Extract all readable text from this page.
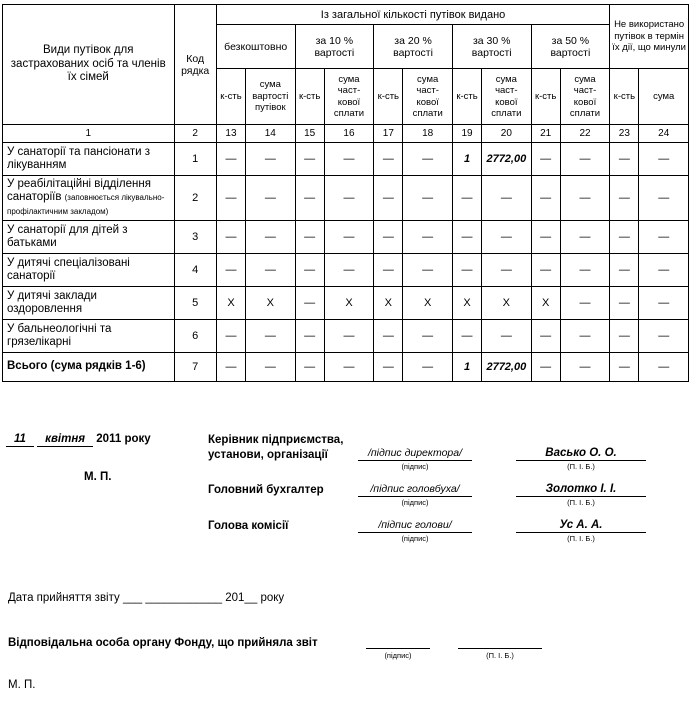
Види путівок для застрахованих осіб та членів їх сімей	Код рядка	Із загальної кількості путівок видано										Не використано путівок в термін їх дії, що минули	
		безкоштовно		за 10 % вартості		за 20 % вартості		за 30 % вартості		за 50 % вартості			
		к-сть	сума вартості путівок	к-сть	сума част-кової сплати	к-сть	сума част-кової сплати	к-сть	сума част-кової сплати	к-сть	сума част-кової сплати	к-сть	сума
1	2	13	14	15	16	17	18	19	20	21	22	23	24
У санаторії та пансіонати з лікуванням	1	—	—	—	—	—	—	1	2772,00	—	—	—	—
У реабілітаційні відділення санаторіїв (заповнюється лікувально-профілактичним закладом)	2	—	—	—	—	—	—	—	—	—	—	—	—
У санаторії для дітей з батьками	3	—	—	—	—	—	—	—	—	—	—	—	—
У дитячі спеціалізовані санаторії	4	—	—	—	—	—	—	—	—	—	—	—	—
У дитячі заклади оздоровлення	5	X	X	—	X	X	X	X	X	X	—	—	—
У бальнеологічні та грязелікарні	6	—	—	—	—	—	—	—	—	—	—	—	—
Всього (сума рядків 1-6)	7	—	—	—	—	—	—	1	2772,00	—	—	—	—
11 квітня 2011 року
М. П.
Керівник підприємства, установи, організації	/підпис директора/
(підпис)
Васько О. О.
(П. І. Б.)
Головний бухгалтер	/підпис головбуха/
(підпис)
Золотко І. І.
(П. І. Б.)
Голова комісії	/підпис голови/
(підпис)
Ус А. А.
(П. І. Б.)
Дата прийняття звіту ___ ____________ 201__ року
Відповідальна особа органу Фонду, що прийняла звіт
(підпис)	(П. І. Б.)
М. П.
